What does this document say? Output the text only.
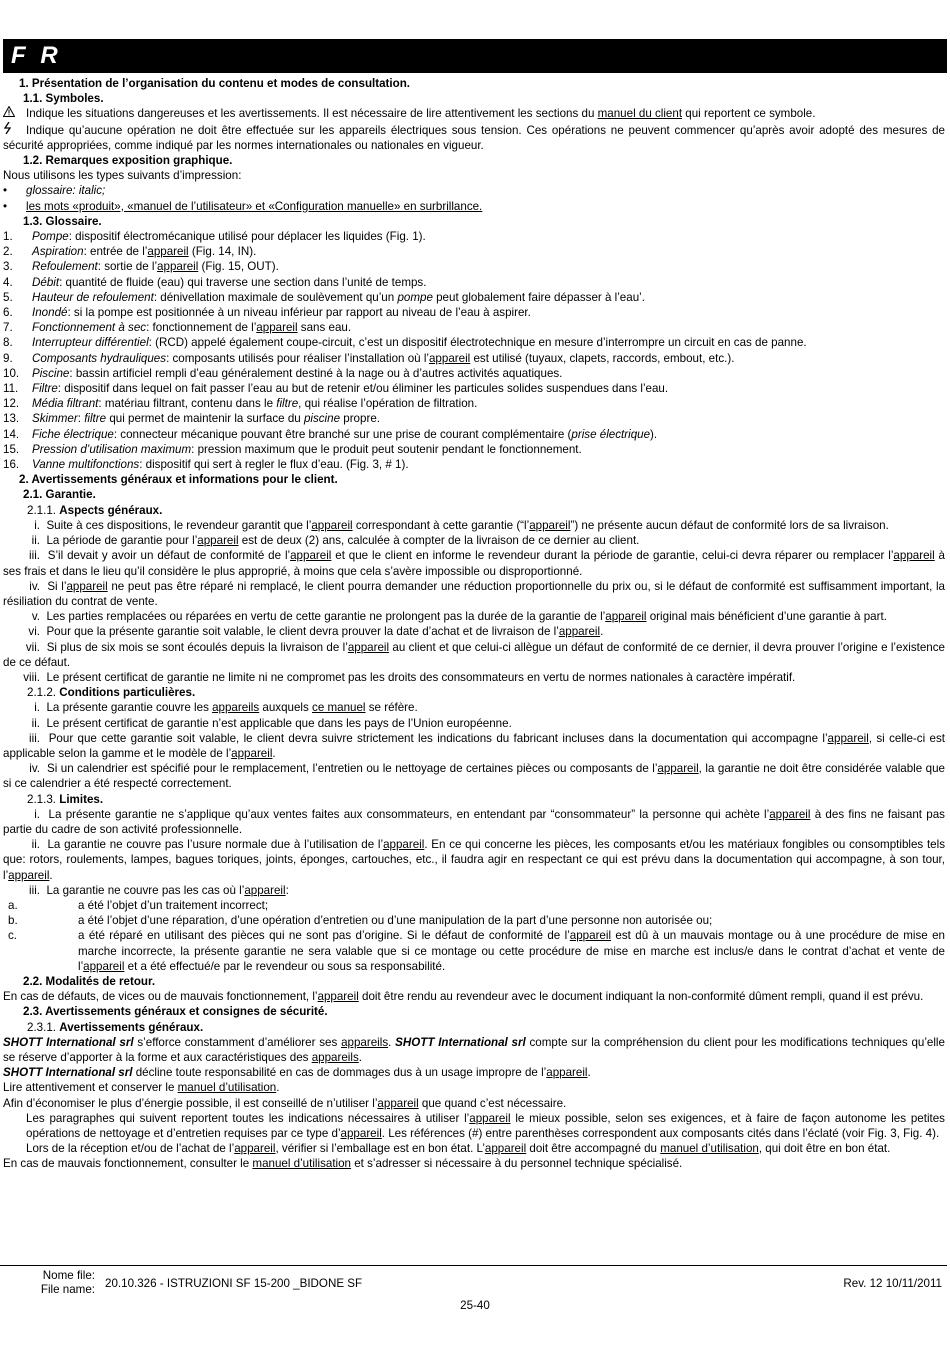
F R

1. Présentation de l’organisation du contenu et modes de consultation.

1.1. Symboles.

Indique les situations dangereuses et les avertissements. Il est nécessaire de lire attentivement les sections du manuel du client qui reportent ce symbole.

Indique qu’aucune opération ne doit être effectuée sur les appareils électriques sous tension. Ces opérations ne peuvent commencer qu’après avoir adopté des mesures de sécurité appropriées, comme indiqué par les normes internationales ou nationales en vigueur.

1.2. Remarques exposition graphique.

Nous utilisons les types suivants d’impression:

• glossaire: italic;

• les mots «produit», «manuel de l’utilisateur» et «Configuration manuelle» en surbrillance.

1.3. Glossaire.

1. Pompe: dispositif électromécanique utilisé pour déplacer les liquides (Fig. 1).

2. Aspiration: entrée de l’appareil (Fig. 14, IN).

3. Refoulement: sortie de l’appareil (Fig. 15, OUT).

4. Débit: quantité de fluide (eau) qui traverse une section dans l’unité de temps.

5. Hauteur de refoulement: dénivellation maximale de soulèvement qu’un pompe peut globalement faire dépasser à l’eau’.

6. Inondé: si la pompe est positionnée à un niveau inférieur par rapport au niveau de l’eau à aspirer.

7. Fonctionnement à sec: fonctionnement de l’appareil sans eau.

8. Interrupteur différentiel: (RCD) appelé également coupe-circuit, c’est un dispositif électrotechnique en mesure d’interrompre un circuit en cas de panne.

9. Composants hydrauliques: composants utilisés pour réaliser l’installation où l’appareil est utilisé (tuyaux, clapets, raccords, embout, etc.).

10. Piscine: bassin artificiel rempli d’eau généralement destiné à la nage ou à d’autres activités aquatiques.

11. Filtre: dispositif dans lequel on fait passer l’eau au but de retenir et/ou éliminer les particules solides suspendues dans l’eau.

12. Média filtrant: matériau filtrant, contenu dans le filtre, qui réalise l’opération de filtration.

13. Skimmer: filtre qui permet de maintenir la surface du piscine propre.

14. Fiche électrique: connecteur mécanique pouvant être branché sur une prise de courant complémentaire (prise électrique).

15. Pression d’utilisation maximum: pression maximum que le produit peut soutenir pendant le fonctionnement.

16. Vanne multifonctions: dispositif qui sert à regler le flux d’eau. (Fig. 3, # 1).

2. Avertissements généraux et informations pour le client.

2.1. Garantie.

2.1.1. Aspects généraux.

i. Suite à ces dispositions, le revendeur garantit que l’appareil correspondant à cette garantie (“l’appareil”) ne présente aucun défaut de conformité lors de sa livraison.

ii. La période de garantie pour l’appareil est de deux (2) ans, calculée à compter de la livraison de ce dernier au client.

iii. S’il devait y avoir un défaut de conformité de l’appareil et que le client en informe le revendeur durant la période de garantie, celui-ci devra réparer ou remplacer l’appareil à ses frais et dans le lieu qu’il considère le plus approprié, à moins que cela s’avère impossible ou disproportionné.

iv. Si l’appareil ne peut pas être réparé ni remplacé, le client pourra demander une réduction proportionnelle du prix ou, si le défaut de conformité est suffisamment important, la résiliation du contrat de vente.

v. Les parties remplacées ou réparées en vertu de cette garantie ne prolongent pas la durée de la garantie de l’appareil original mais bénéficient d’une garantie à part.

vi. Pour que la présente garantie soit valable, le client devra prouver la date d’achat et de livraison de l’appareil.

vii. Si plus de six mois se sont écoulés depuis la livraison de l’appareil au client et que celui-ci allègue un défaut de conformité de ce dernier, il devra prouver l’origine e l’existence de ce défaut.

viii. Le présent certificat de garantie ne limite ni ne compromet pas les droits des consommateurs en vertu de normes nationales à caractère impératif.

2.1.2. Conditions particulières.

i. La présente garantie couvre les appareils auxquels ce manuel se réfère.

ii. Le présent certificat de garantie n’est applicable que dans les pays de l’Union européenne.

iii. Pour que cette garantie soit valable, le client devra suivre strictement les indications du fabricant incluses dans la documentation qui accompagne l’appareil, si celle-ci est applicable selon la gamme et le modèle de l’appareil.

iv. Si un calendrier est spécifié pour le remplacement, l’entretien ou le nettoyage de certaines pièces ou composants de l’appareil, la garantie ne doit être considérée valable que si ce calendrier a été respecté correctement.

2.1.3. Limites.

i. La présente garantie ne s’applique qu’aux ventes faites aux consommateurs, en entendant par “consommateur” la personne qui achète l’appareil à des fins ne faisant pas partie du cadre de son activité professionnelle.

ii. La garantie ne couvre pas l’usure normale due à l’utilisation de l’appareil. En ce qui concerne les pièces, les composants et/ou les matériaux fongibles ou consomptibles tels que: rotors, roulements, lampes, bagues toriques, joints, éponges, cartouches, etc., il faudra agir en respectant ce qui est prévu dans la documentation qui accompagne, à son tour, l’appareil.

iii. La garantie ne couvre pas les cas où l’appareil:

a.	a été l’objet d’un traitement incorrect;

b.	a été l’objet d’une réparation, d’une opération d’entretien ou d’une manipulation de la part d’une personne non autorisée ou;

c.	a été réparé en utilisant des pièces qui ne sont pas d’origine. Si le défaut de conformité de l’appareil est dû à un mauvais montage ou à une procédure de mise en marche incorrecte, la présente garantie ne sera valable que si ce montage ou cette procédure de mise en marche est inclus/e dans le contrat d’achat et vente de l’appareil et a été effectué/e par le revendeur ou sous sa responsabilité.

2.2. Modalités de retour.

En cas de défauts, de vices ou de mauvais fonctionnement, l’appareil doit être rendu au revendeur avec le document indiquant la non-conformité dûment rempli, quand il est prévu.

2.3. Avertissements généraux et consignes de sécurité.

2.3.1. Avertissements généraux.

SHOTT International srl s’efforce constamment d’améliorer ses appareils. SHOTT International srl compte sur la compréhension du client pour les modifications techniques qu’elle se réserve d’apporter à la forme et aux caractéristiques des appareils.

SHOTT International srl décline toute responsabilité en cas de dommages dus à un usage impropre de l’appareil.

Lire attentivement et conserver le manuel d’utilisation.

Afin d’économiser le plus d’énergie possible, il est conseillé de n’utiliser l’appareil que quand c’est nécessaire.

Les paragraphes qui suivent reportent toutes les indications nécessaires à utiliser l’appareil le mieux possible, selon ses exigences, et à faire de façon autonome les petites opérations de nettoyage et d’entretien requises par ce type d’appareil. Les références (#) entre parenthèses correspondent aux composants cités dans l’éclaté (voir Fig. 3, Fig. 4).

Lors de la réception et/ou de l’achat de l’appareil, vérifier si l’emballage est en bon état. L’appareil doit être accompagné du manuel d’utilisation, qui doit être en bon état.

En cas de mauvais fonctionnement, consulter le manuel d’utilisation et s’adresser si nécessaire à du personnel technique spécialisé.

Nome file:
File name: 20.10.326 - ISTRUZIONI SF 15-200 _BIDONE SF	Rev. 12 10/11/2011
25-40
